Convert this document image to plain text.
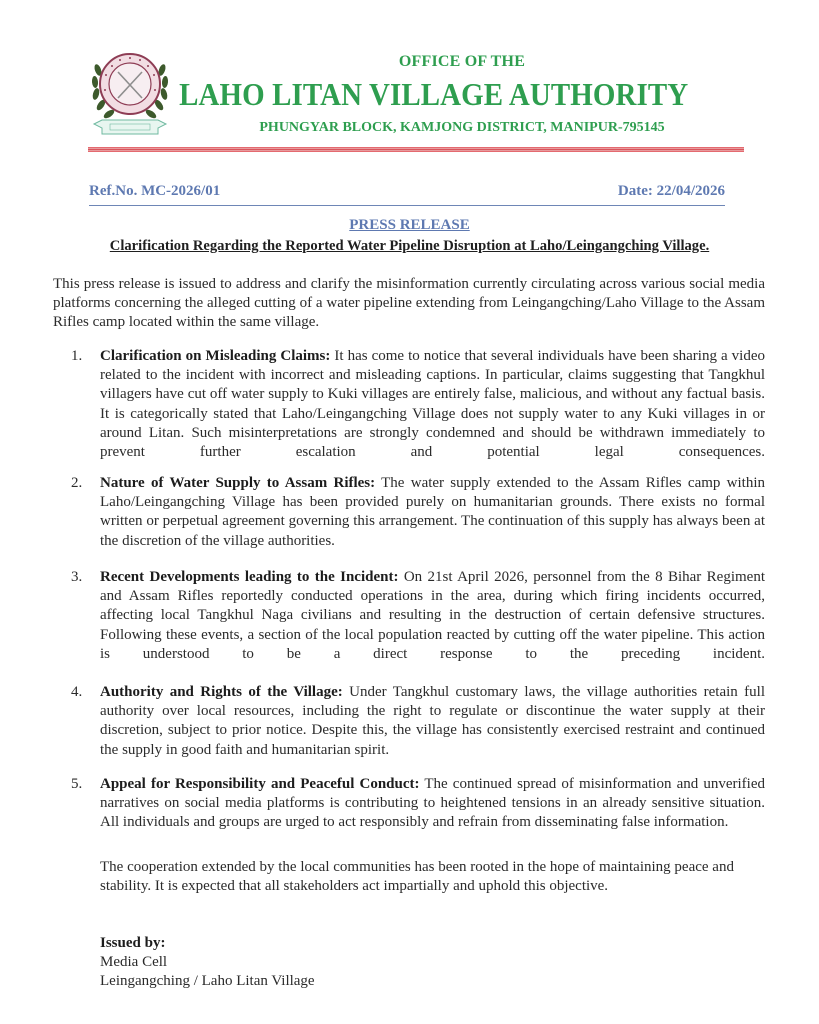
OFFICE OF THE
LAHO LITAN VILLAGE AUTHORITY
PHUNGYAR BLOCK, KAMJONG DISTRICT, MANIPUR-795145
Ref.No. MC-2026/01	Date: 22/04/2026
PRESS RELEASE
Clarification Regarding the Reported Water Pipeline Disruption at Laho/Leingangching Village.

This press release is issued to address and clarify the misinformation currently circulating across various social media platforms concerning the alleged cutting of a water pipeline extending from Leingangching/Laho Village to the Assam Rifles camp located within the same village.

1.	Clarification on Misleading Claims: It has come to notice that several individuals have been sharing a video related to the incident with incorrect and misleading captions. In particular, claims suggesting that Tangkhul villagers have cut off water supply to Kuki villages are entirely false, malicious, and without any factual basis. It is categorically stated that Laho/Leingangching Village does not supply water to any Kuki villages in or around Litan. Such misinterpretations are strongly condemned and should be withdrawn immediately to prevent further escalation and potential legal consequences.
2.	Nature of Water Supply to Assam Rifles: The water supply extended to the Assam Rifles camp within Laho/Leingangching Village has been provided purely on humanitarian grounds. There exists no formal written or perpetual agreement governing this arrangement. The continuation of this supply has always been at the discretion of the village authorities.
3.	Recent Developments leading to the Incident: On 21st April 2026, personnel from the 8 Bihar Regiment and Assam Rifles reportedly conducted operations in the area, during which firing incidents occurred, affecting local Tangkhul Naga civilians and resulting in the destruction of certain defensive structures. Following these events, a section of the local population reacted by cutting off the water pipeline. This action is understood to be a direct response to the preceding incident.
4.	Authority and Rights of the Village: Under Tangkhul customary laws, the village authorities retain full authority over local resources, including the right to regulate or discontinue the water supply at their discretion, subject to prior notice. Despite this, the village has consistently exercised restraint and continued the supply in good faith and humanitarian spirit.
5.	Appeal for Responsibility and Peaceful Conduct: The continued spread of misinformation and unverified narratives on social media platforms is contributing to heightened tensions in an already sensitive situation. All individuals and groups are urged to act responsibly and refrain from disseminating false information.

The cooperation extended by the local communities has been rooted in the hope of maintaining peace and stability. It is expected that all stakeholders act impartially and uphold this objective.

Issued by:
Media Cell
Leingangching / Laho Litan Village
